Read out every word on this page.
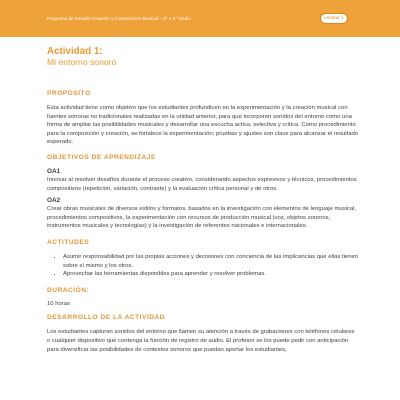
Programa de Estudio Creación y Composición Musical – 3° o 4° medio	Unidad 1
Actividad 1:
Mi entorno sonoro
PROPÓSITO

Esta actividad tiene como objetivo que los estudiantes profundicen en la experimentación y la creación musical con fuentes sonoras no tradicionales realizadas en la unidad anterior, para que incorporen sonidos del entorno como una forma de ampliar las posibilidades musicales y desarrollar una escucha activa, selectiva y crítica. Como procedimiento para la composición y creación, se fortalece la experimentación; pruebas y ajustes son clave para alcanzar el resultado esperado.

OBJETIVOS DE APRENDIZAJE
OA1

Innovar al resolver desafíos durante el proceso creativo, considerando aspectos expresivos y técnicos, procedimientos compositivos (repetición, variación, contraste) y la evaluación crítica personal y de otros.

OA2

Crear obras musicales de diversos estilos y formatos, basados en la investigación con elementos de lenguaje musical, procedimientos compositivos, la experimentación con recursos de producción musical (voz, objetos sonoros, instrumentos musicales y tecnologías) y la investigación de referentes nacionales e internacionales.

ACTITUDES
• Asumir responsabilidad por las propias acciones y decisiones con conciencia de las implicancias que ellas tienen sobre sí mismo y los otros.
• Aprovechar las herramientas disponibles para aprender y resolver problemas.
DURACIÓN:

10 horas

DESARROLLO DE LA ACTIVIDAD

Los estudiantes capturan sonidos del entorno que llamen su atención a través de grabaciones con teléfonos celulares o cualquier dispositivo que contenga la función de registro de audio. El profesor se los puede pedir con anticipación para diversificar las posibilidades de contextos sonoros que puedan aportar los estudiantes,
